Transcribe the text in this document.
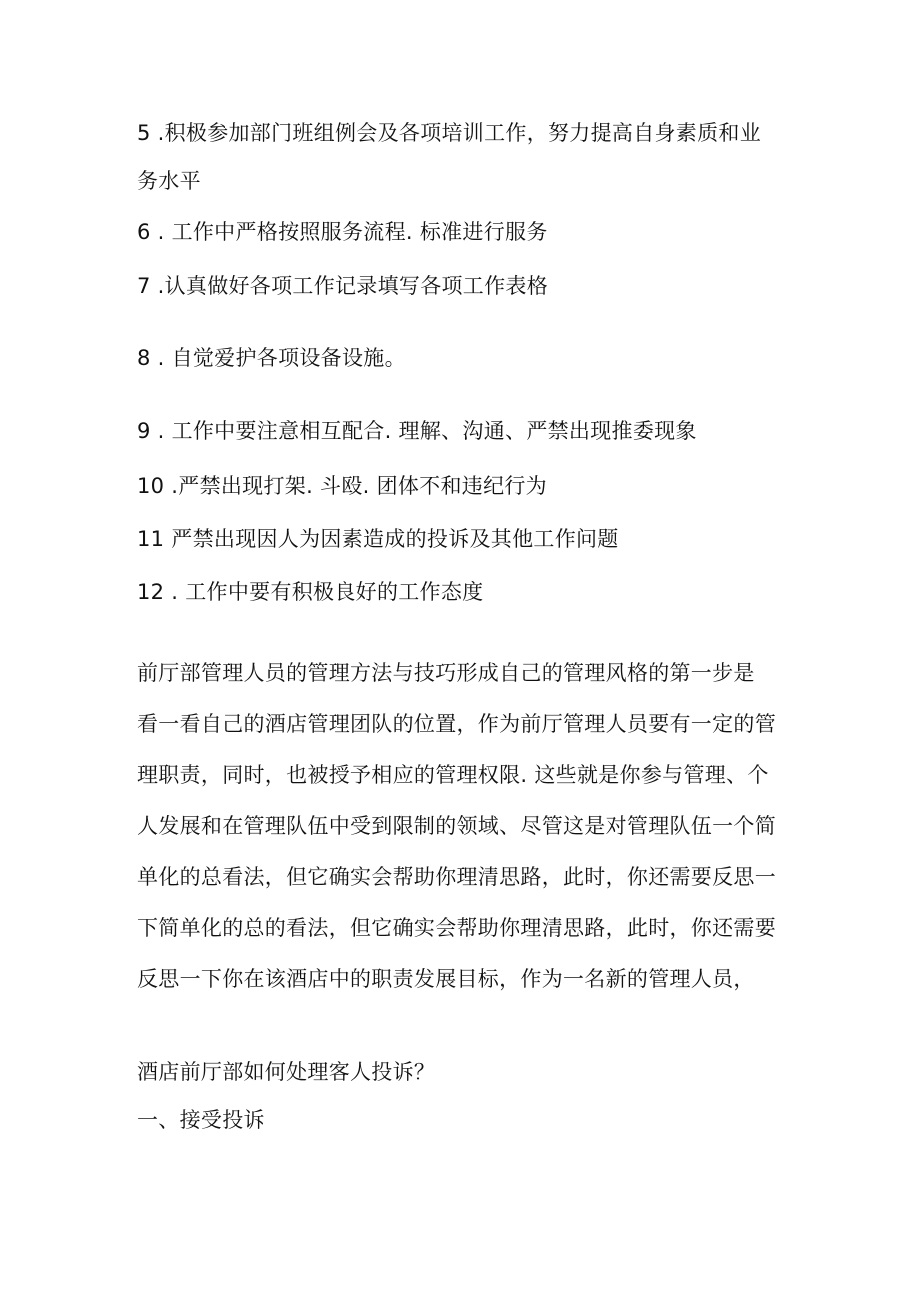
5 .积极参加部门班组例会及各项培训工作，努力提高自身素质和业
务水平
6 . 工作中严格按照服务流程. 标准进行服务
7 .认真做好各项工作记录填写各项工作表格
8 . 自觉爱护各项设备设施。
9 . 工作中要注意相互配合. 理解、沟通、严禁出现推委现象
10 .严禁出现打架. 斗殴. 团体不和违纪行为
11 严禁出现因人为因素造成的投诉及其他工作问题
12 . 工作中要有积极良好的工作态度
前厅部管理人员的管理方法与技巧形成自己的管理风格的第一步是
看一看自己的酒店管理团队的位置，作为前厅管理人员要有一定的管
理职责，同时，也被授予相应的管理权限. 这些就是你参与管理、个
人发展和在管理队伍中受到限制的领域、尽管这是对管理队伍一个简
单化的总看法，但它确实会帮助你理清思路，此时，你还需要反思一
下简单化的总的看法，但它确实会帮助你理清思路，此时，你还需要
反思一下你在该酒店中的职责发展目标，作为一名新的管理人员，
酒店前厅部如何处理客人投诉？
一、接受投诉
